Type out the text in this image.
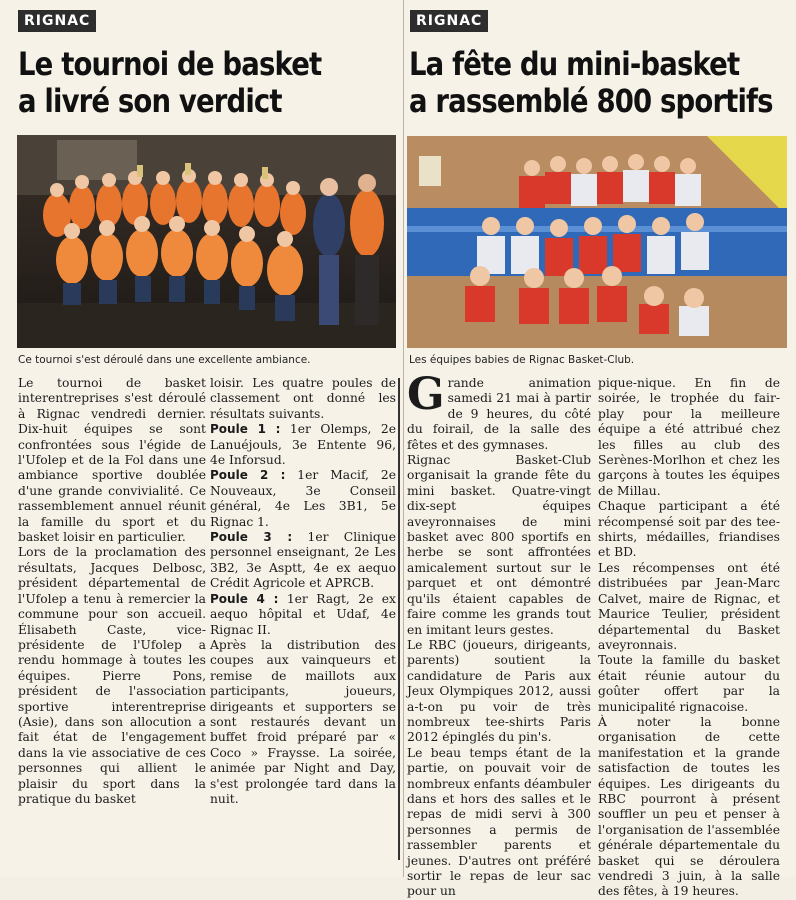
RIGNAC
Le tournoi de basket
a livré son verdict
Ce tournoi s'est déroulé dans une excellente ambiance.

Le tournoi de basket interentreprises s'est déroulé à Rignac vendredi dernier. Dix-huit équipes se sont confrontées sous l'égide de l'Ufolep et de la Fol dans une ambiance sportive doublée d'une grande convivialité. Ce rassemblement annuel réunit la famille du sport et du basket loisir en particulier.

Lors de la proclamation des résultats, Jacques Delbosc, président départemental de l'Ufolep a tenu à remercier la commune pour son accueil. Élisabeth Caste, vice-présidente de l'Ufolep a rendu hommage à toutes les équipes. Pierre Pons, président de l'association sportive interentreprise (Asie), dans son allocution a fait état de l'engagement dans la vie associative de ces personnes qui allient le plaisir du sport dans la pratique du basket

loisir. Les quatre poules de classement ont donné les résultats suivants.

Poule 1 : 1er Olemps, 2e Lanuéjouls, 3e Entente 96, 4e Inforsud.

Poule 2 : 1er Macif, 2e Nouveaux, 3e Conseil général, 4e Les 3B1, 5e Rignac 1.

Poule 3 : 1er Clinique personnel enseignant, 2e Les 3B2, 3e Asptt, 4e ex aequo Crédit Agricole et APRCB.

Poule 4 : 1er Ragt, 2e ex aequo hôpital et Udaf, 4e Rignac II.

Après la distribution des coupes aux vainqueurs et remise de maillots aux participants, joueurs, dirigeants et supporters se sont restaurés devant un buffet froid préparé par « Coco » Fraysse. La soirée, animée par Night and Day, s'est prolongée tard dans la nuit.

RIGNAC
La fête du mini-basket
a rassemblé 800 sportifs
Les équipes babies de Rignac Basket-Club.

Grande animation samedi 21 mai à partir de 9 heures, du côté du foirail, de la salle des fêtes et des gymnases.

Rignac Basket-Club organisait la grande fête du mini basket. Quatre-vingt dix-sept équipes aveyronnaises de mini basket avec 800 sportifs en herbe se sont affrontées amicalement surtout sur le parquet et ont démontré qu'ils étaient capables de faire comme les grands tout en imitant leurs gestes.

Le RBC (joueurs, dirigeants, parents) soutient la candidature de Paris aux Jeux Olympiques 2012, aussi a-t-on pu voir de très nombreux tee-shirts Paris 2012 épinglés du pin's.

Le beau temps étant de la partie, on pouvait voir de nombreux enfants déambuler dans et hors des salles et le repas de midi servi à 300 personnes a permis de rassembler parents et jeunes. D'autres ont préféré sortir le repas de leur sac pour un

pique-nique. En fin de soirée, le trophée du fair-play pour la meilleure équipe a été attribué chez les filles au club des Serènes-Morlhon et chez les garçons à toutes les équipes de Millau.

Chaque participant a été récompensé soit par des tee-shirts, médailles, friandises et BD.

Les récompenses ont été distribuées par Jean-Marc Calvet, maire de Rignac, et Maurice Teulier, président départemental du Basket aveyronnais.

Toute la famille du basket était réunie autour du goûter offert par la municipalité rignacoise.

À noter la bonne organisation de cette manifestation et la grande satisfaction de toutes les équipes. Les dirigeants du RBC pourront à présent souffler un peu et penser à l'organisation de l'assemblée générale départementale du basket qui se déroulera vendredi 3 juin, à la salle des fêtes, à 19 heures.
